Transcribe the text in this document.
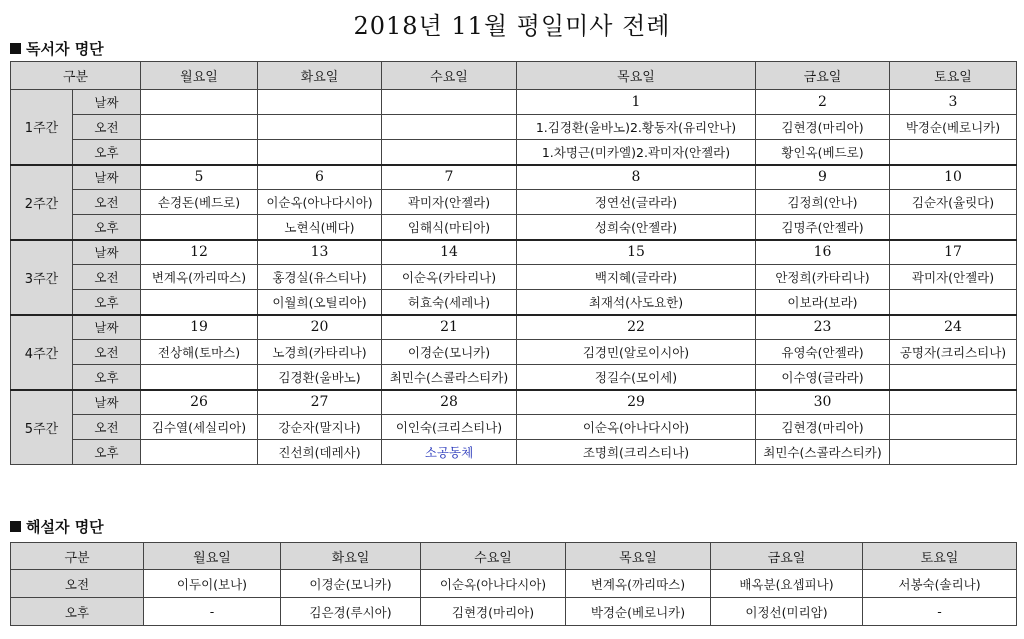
2018년 11월 평일미사 전례
독서자 명단
구분		월요일	화요일	수요일	목요일	금요일	토요일
1주간	날짜				1	2	3
	오전				1.김경환(울바노)2.황동자(유리안나)	김현경(마리아)	박경순(베로니카)
	오후				1.차명근(미카엘)2.곽미자(안젤라)	황인옥(베드로)	
2주간	날짜	5	6	7	8	9	10
	오전	손경돈(베드로)	이순옥(아나다시아)	곽미자(안젤라)	정연선(글라라)	김정희(안나)	김순자(율릿다)
	오후		노현식(베다)	임해식(마티아)	성희숙(안젤라)	김명주(안젤라)	
3주간	날짜	12	13	14	15	16	17
	오전	변계옥(까리따스)	홍경실(유스티나)	이순옥(카타리나)	백지혜(글라라)	안정희(카타리나)	곽미자(안젤라)
	오후		이월희(오틸리아)	허효숙(세레나)	최재석(사도요한)	이보라(보라)	
4주간	날짜	19	20	21	22	23	24
	오전	전상해(토마스)	노경희(카타리나)	이경순(모니카)	김경민(알로이시아)	유영숙(안젤라)	공명자(크리스티나)
	오후		김경환(울바노)	최민수(스콜라스티카)	정길수(모이세)	이수영(글라라)	
5주간	날짜	26	27	28	29	30	
	오전	김수열(세실리아)	강순자(말지나)	이인숙(크리스티나)	이순옥(아나다시아)	김현경(마리아)	
	오후		진선희(데레사)	소공동체	조명희(크리스티나)	최민수(스콜라스티카)	
해설자 명단
구분	월요일	화요일	수요일	목요일	금요일	토요일
오전	이두이(보나)	이경순(모니카)	이순옥(아나다시아)	변계옥(까리따스)	배옥분(요셉피나)	서봉숙(솔리나)
오후	-	김은경(루시아)	김현경(마리아)	박경순(베로니카)	이정선(미리암)	-
